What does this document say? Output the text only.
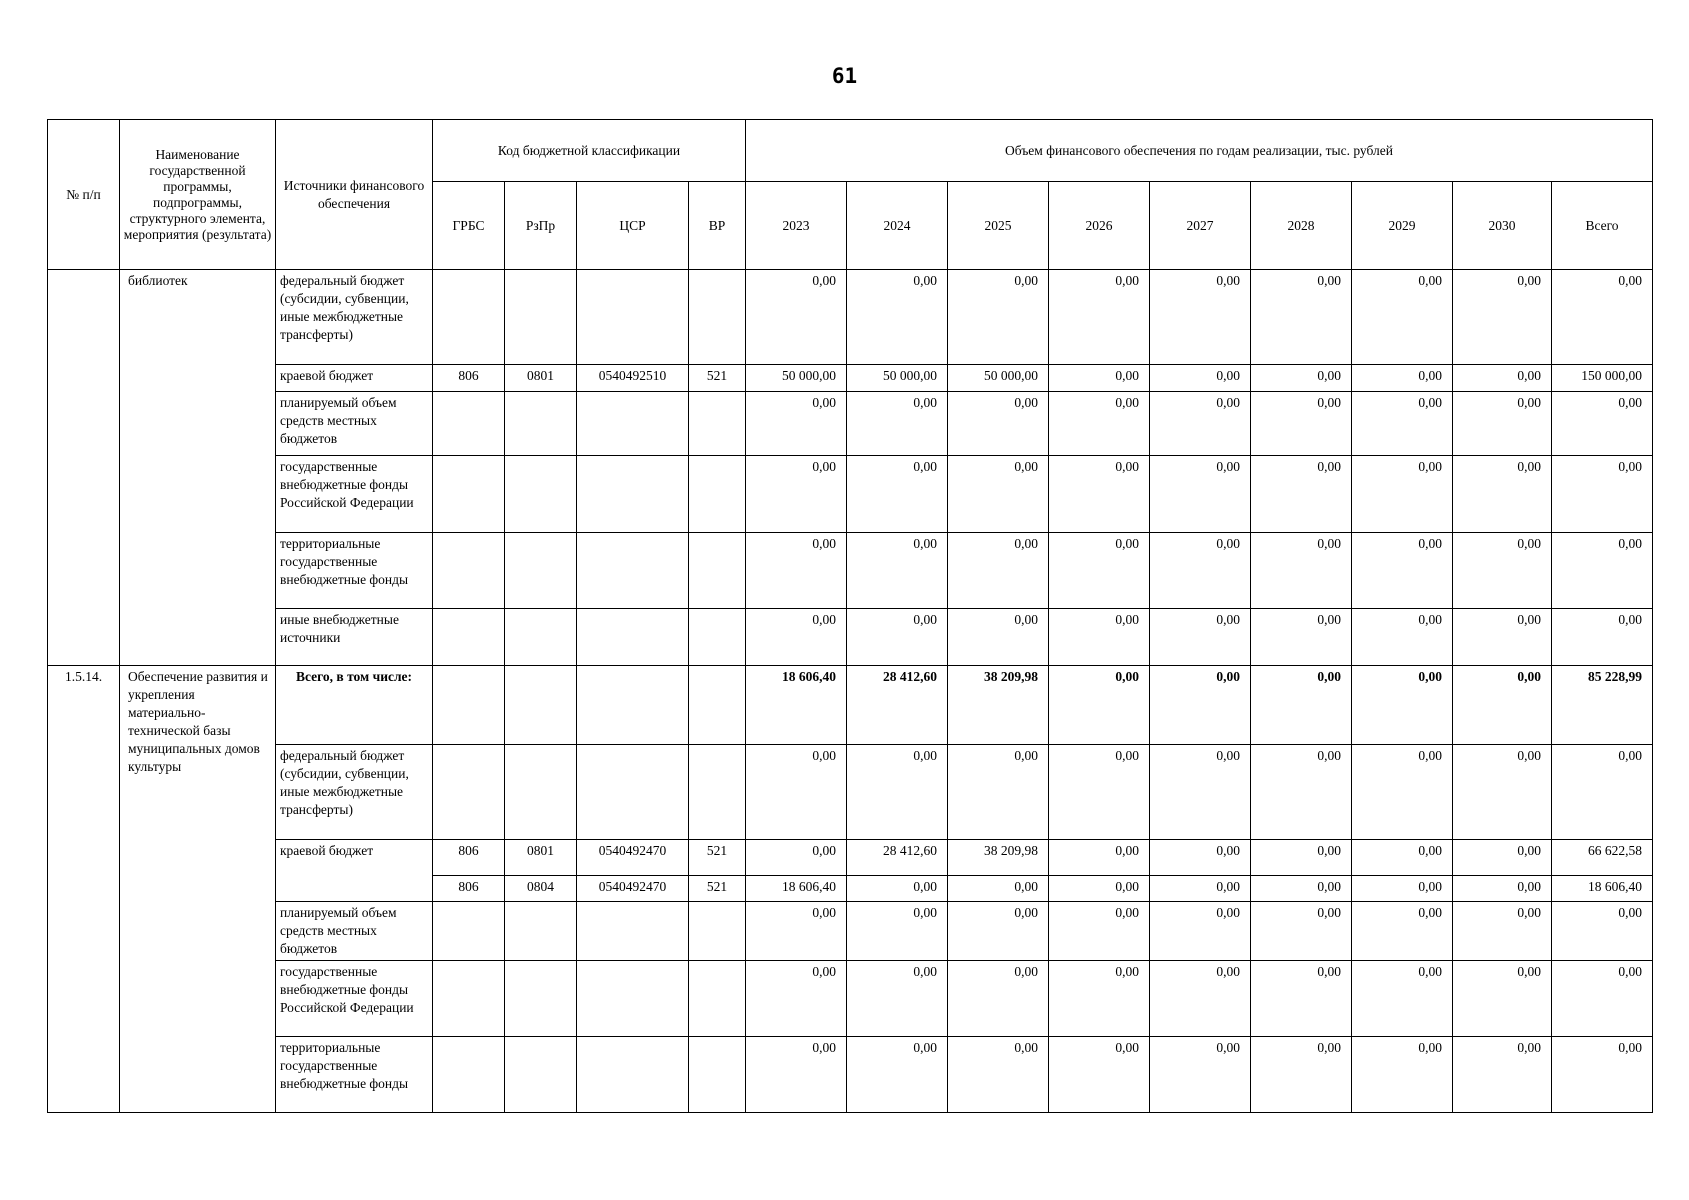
61
№ п/п	Наименование государственной программы, подпрограммы, структурного элемента, мероприятия (результата)	Источники финансового обеспечения	Код бюджетной классификации				Объем финансового обеспечения по годам реализации, тыс. рублей								
			ГРБС	РзПр	ЦСР	ВР	2023	2024	2025	2026	2027	2028	2029	2030	Всего
	библиотек	федеральный бюджет (субсидии, субвенции, иные межбюджетные трансферты)					0,00	0,00	0,00	0,00	0,00	0,00	0,00	0,00	0,00
		краевой бюджет	806	0801	0540492510	521	50 000,00	50 000,00	50 000,00	0,00	0,00	0,00	0,00	0,00	150 000,00
		планируемый объем средств местных бюджетов					0,00	0,00	0,00	0,00	0,00	0,00	0,00	0,00	0,00
		государственные внебюджетные фонды Российской Федерации					0,00	0,00	0,00	0,00	0,00	0,00	0,00	0,00	0,00
		территориальные государственные внебюджетные фонды					0,00	0,00	0,00	0,00	0,00	0,00	0,00	0,00	0,00
		иные внебюджетные источники					0,00	0,00	0,00	0,00	0,00	0,00	0,00	0,00	0,00
1.5.14.	Обеспечение развития и укрепления материально-технической базы муниципальных домов культуры	Всего, в том числе:					18 606,40	28 412,60	38 209,98	0,00	0,00	0,00	0,00	0,00	85 228,99
		федеральный бюджет (субсидии, субвенции, иные межбюджетные трансферты)					0,00	0,00	0,00	0,00	0,00	0,00	0,00	0,00	0,00
		краевой бюджет	806	0801	0540492470	521	0,00	28 412,60	38 209,98	0,00	0,00	0,00	0,00	0,00	66 622,58
			806	0804	0540492470	521	18 606,40	0,00	0,00	0,00	0,00	0,00	0,00	0,00	18 606,40
		планируемый объем средств местных бюджетов					0,00	0,00	0,00	0,00	0,00	0,00	0,00	0,00	0,00
		государственные внебюджетные фонды Российской Федерации					0,00	0,00	0,00	0,00	0,00	0,00	0,00	0,00	0,00
		территориальные государственные внебюджетные фонды					0,00	0,00	0,00	0,00	0,00	0,00	0,00	0,00	0,00
